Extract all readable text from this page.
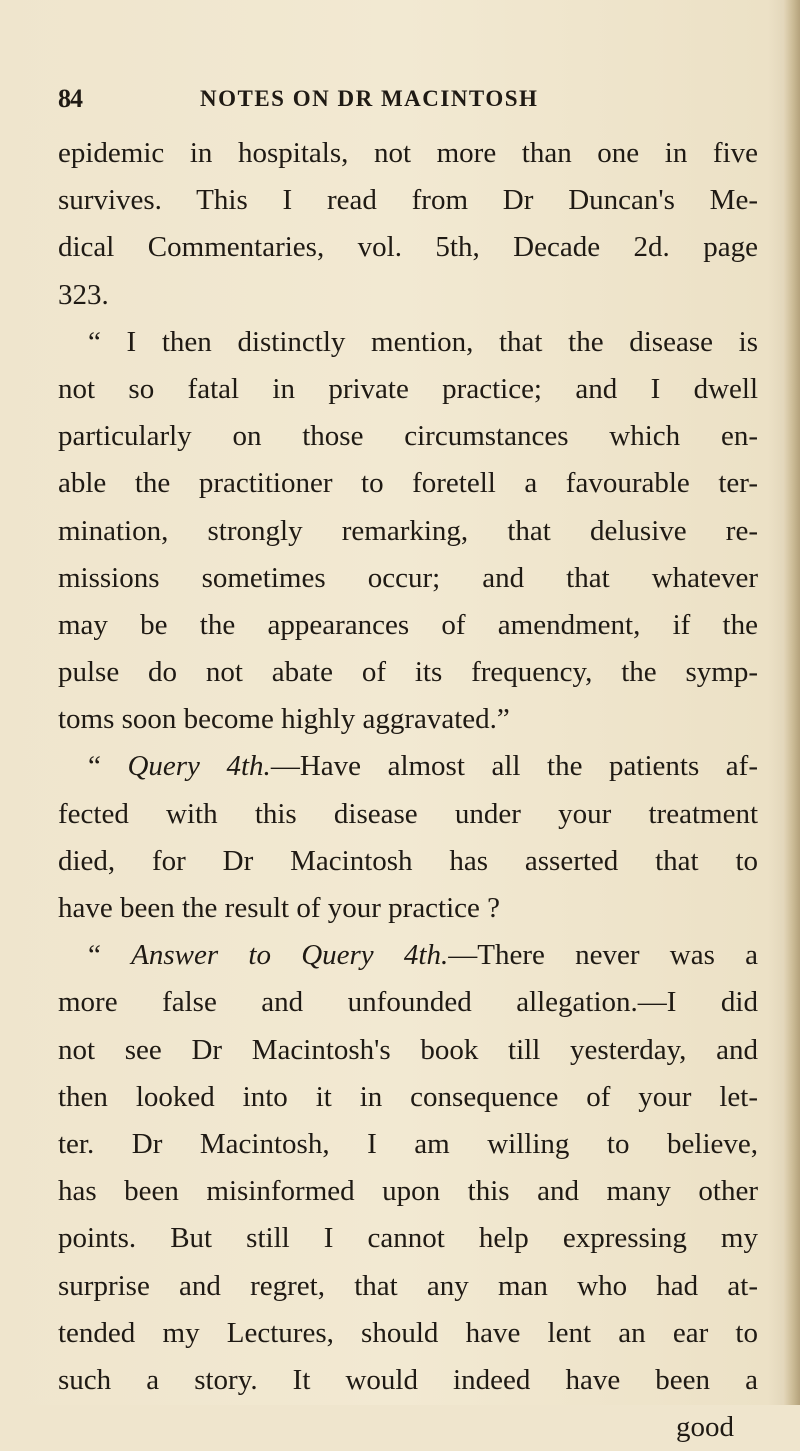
84	NOTES ON DR MACINTOSH
epidemic in hospitals, not more than one in five
survives. This I read from Dr Duncan's Me-
dical Commentaries, vol. 5th, Decade 2d. page
323.
“ I then distinctly mention, that the disease is
not so fatal in private practice; and I dwell
particularly on those circumstances which en-
able the practitioner to foretell a favourable ter-
mination, strongly remarking, that delusive re-
missions sometimes occur; and that whatever
may be the appearances of amendment, if the
pulse do not abate of its frequency, the symp-
toms soon become highly aggravated.”
“ Query 4th.—Have almost all the patients af-
fected with this disease under your treatment
died, for Dr Macintosh has asserted that to
have been the result of your practice ?
“ Answer to Query 4th.—There never was a
more false and unfounded allegation.—I did
not see Dr Macintosh's book till yesterday, and
then looked into it in consequence of your let-
ter. Dr Macintosh, I am willing to believe,
has been misinformed upon this and many other
points. But still I cannot help expressing my
surprise and regret, that any man who had at-
tended my Lectures, should have lent an ear to
such a story. It would indeed have been a
good
